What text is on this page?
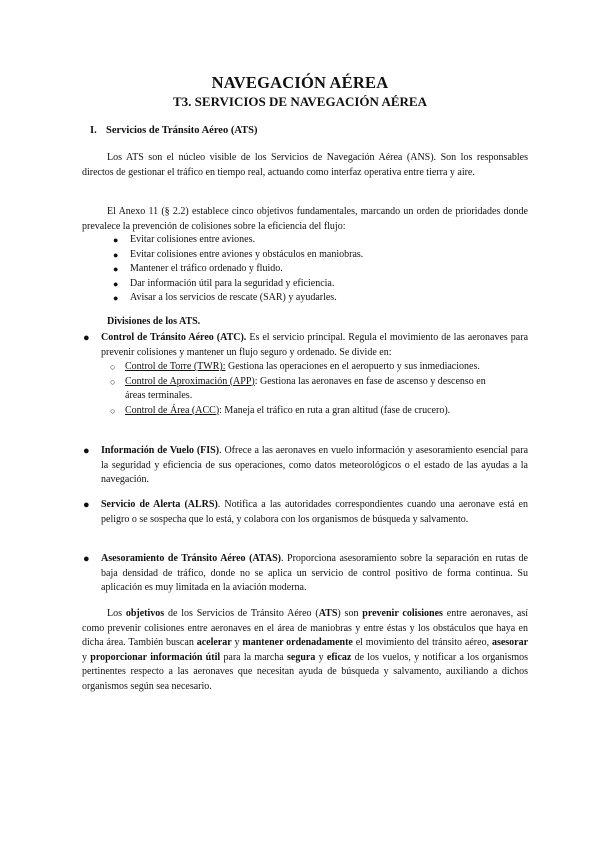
NAVEGACIÓN AÉREA
T3. SERVICIOS DE NAVEGACIÓN AÉREA

I. Servicios de Tránsito Aéreo (ATS)

Los ATS son el núcleo visible de los Servicios de Navegación Aérea (ANS). Son los responsables directos de gestionar el tráfico en tiempo real, actuando como interfaz operativa entre tierra y aire.

El Anexo 11 (§ 2.2) establece cinco objetivos fundamentales, marcando un orden de prioridades donde prevalece la prevención de colisiones sobre la eficiencia del flujo:

● Evitar colisiones entre aviones.
● Evitar colisiones entre aviones y obstáculos en maniobras.
● Mantener el tráfico ordenado y fluido.
● Dar información útil para la seguridad y eficiencia.
● Avisar a los servicios de rescate (SAR) y ayudarles.

Divisiones de los ATS.

● Control de Tránsito Aéreo (ATC). Es el servicio principal. Regula el movimiento de las aeronaves para prevenir colisiones y mantener un flujo seguro y ordenado. Se divide en:
○ Control de Torre (TWR): Gestiona las operaciones en el aeropuerto y sus inmediaciones.
○ Control de Aproximación (APP): Gestiona las aeronaves en fase de ascenso y descenso en áreas terminales.
○ Control de Área (ACC): Maneja el tráfico en ruta a gran altitud (fase de crucero).
● Información de Vuelo (FIS). Ofrece a las aeronaves en vuelo información y asesoramiento esencial para la seguridad y eficiencia de sus operaciones, como datos meteorológicos o el estado de las ayudas a la navegación.
● Servicio de Alerta (ALRS). Notifica a las autoridades correspondientes cuando una aeronave está en peligro o se sospecha que lo está, y colabora con los organismos de búsqueda y salvamento.
● Asesoramiento de Tránsito Aéreo (ATAS). Proporciona asesoramiento sobre la separación en rutas de baja densidad de tráfico, donde no se aplica un servicio de control positivo de forma continua. Su aplicación es muy limitada en la aviación moderna.

Los objetivos de los Servicios de Tránsito Aéreo (ATS) son prevenir colisiones entre aeronaves, así como prevenir colisiones entre aeronaves en el área de maniobras y entre éstas y los obstáculos que haya en dicha área. También buscan acelerar y mantener ordenadamente el movimiento del tránsito aéreo, asesorar y proporcionar información útil para la marcha segura y eficaz de los vuelos, y notificar a los organismos pertinentes respecto a las aeronaves que necesitan ayuda de búsqueda y salvamento, auxiliando a dichos organismos según sea necesario.
